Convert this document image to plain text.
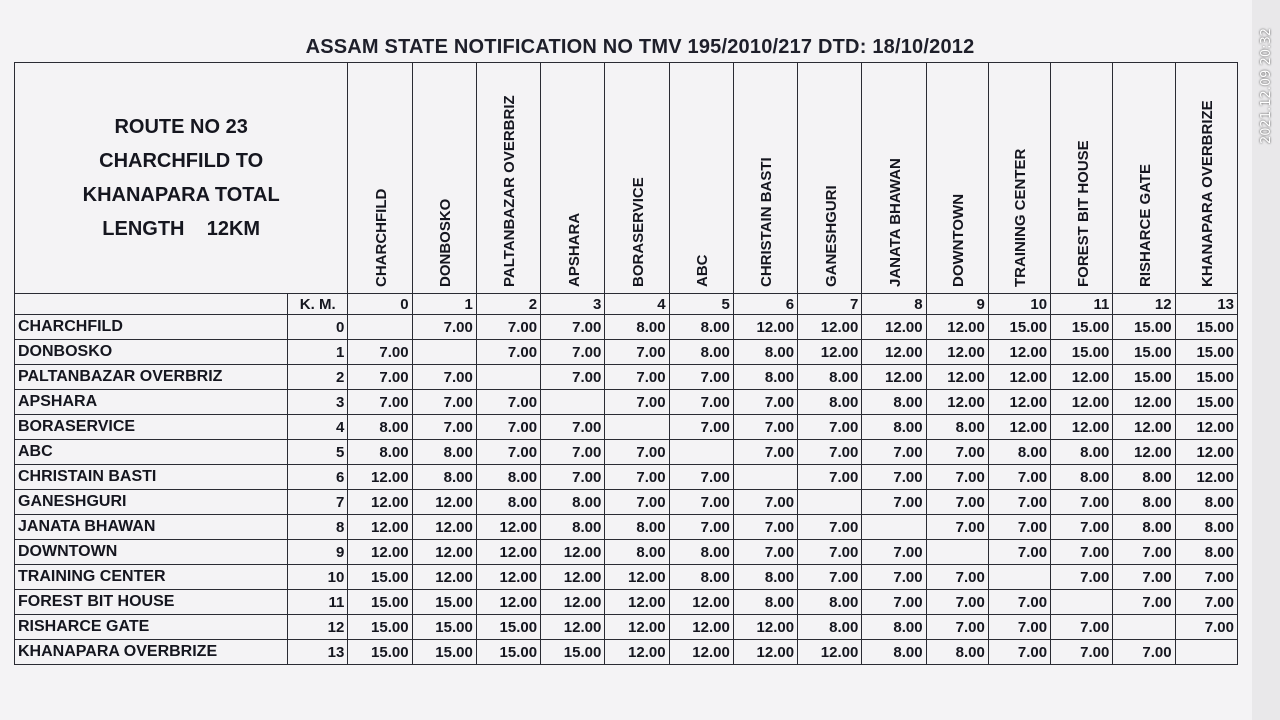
ASSAM STATE NOTIFICATION NO TMV 195/2010/217 DTD: 18/10/2012
ROUTE NO 23
CHARCHFILD TO
KHANAPARA TOTAL
LENGTH    12KM		CHARCHFILD	DONBOSKO	PALTANBAZAR OVERBRIZ	APSHARA	BORASERVICE	ABC	CHRISTAIN BASTI	GANESHGURI	JANATA BHAWAN	DOWNTOWN	TRAINING CENTER	FOREST BIT HOUSE	RISHARCE GATE	KHANAPARA OVERBRIZE

	K. M.	0	1	2	3	4	5	6	7	8	9	10	11	12	13
CHARCHFILD	0		7.00	7.00	7.00	8.00	8.00	12.00	12.00	12.00	12.00	15.00	15.00	15.00	15.00
DONBOSKO	1	7.00		7.00	7.00	7.00	8.00	8.00	12.00	12.00	12.00	12.00	15.00	15.00	15.00
PALTANBAZAR OVERBRIZ	2	7.00	7.00		7.00	7.00	7.00	8.00	8.00	12.00	12.00	12.00	12.00	15.00	15.00
APSHARA	3	7.00	7.00	7.00		7.00	7.00	7.00	8.00	8.00	12.00	12.00	12.00	12.00	15.00
BORASERVICE	4	8.00	7.00	7.00	7.00		7.00	7.00	7.00	8.00	8.00	12.00	12.00	12.00	12.00
ABC	5	8.00	8.00	7.00	7.00	7.00		7.00	7.00	7.00	7.00	8.00	8.00	12.00	12.00
CHRISTAIN BASTI	6	12.00	8.00	8.00	7.00	7.00	7.00		7.00	7.00	7.00	7.00	8.00	8.00	12.00
GANESHGURI	7	12.00	12.00	8.00	8.00	7.00	7.00	7.00		7.00	7.00	7.00	7.00	8.00	8.00
JANATA BHAWAN	8	12.00	12.00	12.00	8.00	8.00	7.00	7.00	7.00		7.00	7.00	7.00	8.00	8.00
DOWNTOWN	9	12.00	12.00	12.00	12.00	8.00	8.00	7.00	7.00	7.00		7.00	7.00	7.00	8.00
TRAINING CENTER	10	15.00	12.00	12.00	12.00	12.00	8.00	8.00	7.00	7.00	7.00		7.00	7.00	7.00
FOREST BIT HOUSE	11	15.00	15.00	12.00	12.00	12.00	12.00	8.00	8.00	7.00	7.00	7.00		7.00	7.00
RISHARCE GATE	12	15.00	15.00	15.00	12.00	12.00	12.00	12.00	8.00	8.00	7.00	7.00	7.00		7.00
KHANAPARA OVERBRIZE	13	15.00	15.00	15.00	15.00	12.00	12.00	12.00	12.00	8.00	8.00	7.00	7.00	7.00	
2021.12.09 20:32
